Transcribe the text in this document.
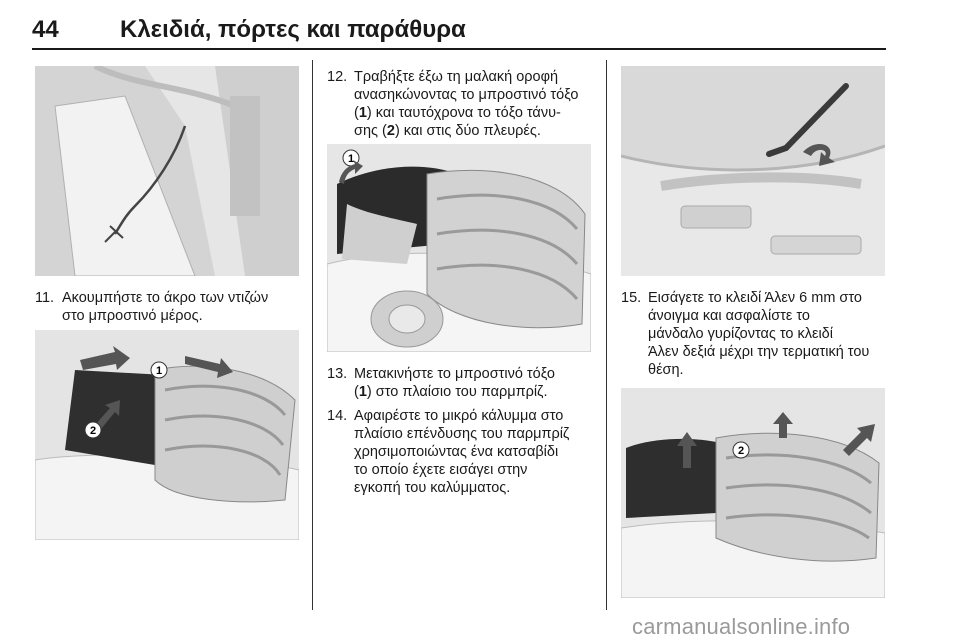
44	Κλειδιά, πόρτες και παράθυρα
11. Ακουμπήστε το άκρο των ντιζών
στο μπροστινό μέρος.
1
2
12. Τραβήξτε έξω τη μαλακή οροφή
ανασηκώνοντας το μπροστινό τόξο
(1) και ταυτόχρονα το τόξο τάνυ-
σης (2) και στις δύο πλευρές.
1
13. Μετακινήστε το μπροστινό τόξο
(1) στο πλαίσιο του παρμπρίζ.
14. Αφαιρέστε το μικρό κάλυμμα στο
πλαίσιο επένδυσης του παρμπρίζ
χρησιμοποιώντας ένα κατσαβίδι
το οποίο έχετε εισάγει στην
εγκοπή του καλύμματος.
15. Εισάγετε το κλειδί Άλεν 6 mm στο
άνοιγμα και ασφαλίστε το
μάνδαλο γυρίζοντας το κλειδί
Άλεν δεξιά μέχρι την τερματική του
θέση.
2
carmanualsonline.info
